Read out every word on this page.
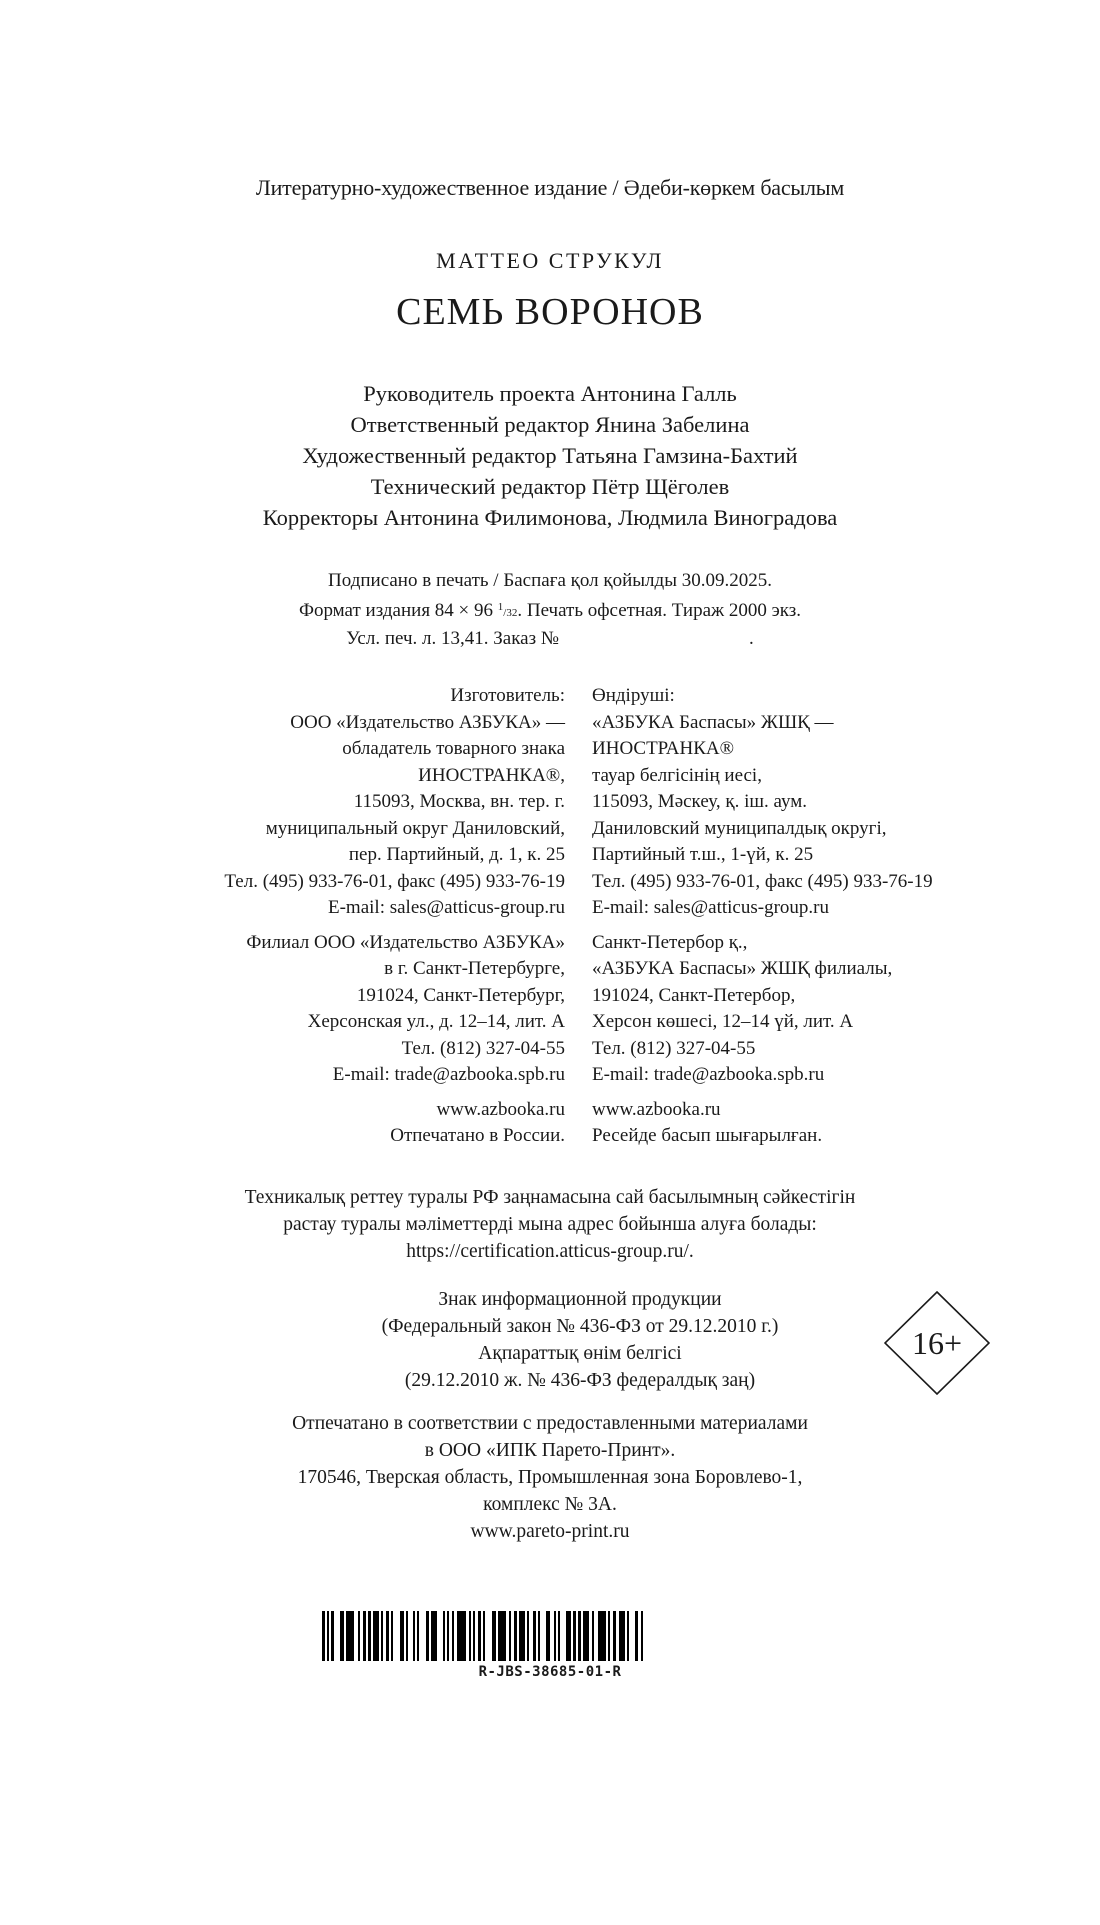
Литературно-художественное издание / Әдеби-көркем басылым
МАТТЕО СТРУКУЛ
СЕМЬ ВОРОНОВ
Руководитель проекта Антонина Галль
Ответственный редактор Янина Забелина
Художественный редактор Татьяна Гамзина-Бахтий
Технический редактор Пётр Щёголев
Корректоры Антонина Филимонова, Людмила Виноградова
Подписано в печать / Баспаға қол қойылды 30.09.2025.
Формат издания 84 × 96 $^1$/32. Печать офсетная. Тираж 2000 экз.
Усл. печ. л. 13,41. Заказ №	.
Изготовитель:
ООО «Издательство АЗБУКА» —
обладатель товарного знака
ИНОСТРАНКА®,
115093, Москва, вн. тер. г.
муниципальный округ Даниловский,
пер. Партийный, д. 1, к. 25
Тел. (495) 933-76-01, факс (495) 933-76-19
E-mail: sales@atticus-group.ru
Филиал ООО «Издательство АЗБУКА»
в г. Санкт-Петербурге,
191024, Санкт-Петербург,
Херсонская ул., д. 12–14, лит. А
Тел. (812) 327-04-55
E-mail: trade@azbooka.spb.ru
www.azbooka.ru
Отпечатано в России.
Өндіруші:
«АЗБУКА Баспасы» ЖШҚ —
ИНОСТРАНКА®
тауар белгісінің иесі,
115093, Мәскеу, қ. іш. аум.
Даниловский муниципалдық округі,
Партийный т.ш., 1-үй, к. 25
Тел. (495) 933-76-01, факс (495) 933-76-19
E-mail: sales@atticus-group.ru
Санкт-Петербор қ.,
«АЗБУКА Баспасы» ЖШҚ филиалы,
191024, Санкт-Петербор,
Херсон көшесі, 12–14 үй, лит. А
Тел. (812) 327-04-55
E-mail: trade@azbooka.spb.ru
www.azbooka.ru
Ресейде басып шығарылған.
Техникалық реттеу туралы РФ заңнамасына сай басылымның сәйкестігін
растау туралы мәліметтерді мына адрес бойынша алуға болады:
https://certification.atticus-group.ru/.
Знак информационной продукции
(Федеральный закон № 436-ФЗ от 29.12.2010 г.)
Ақпараттық өнім белгісі
(29.12.2010 ж. № 436-ФЗ федералдық заң)
16+
Отпечатано в соответствии с предоставленными материалами
в ООО «ИПК Парето-Принт».
170546, Тверская область, Промышленная зона Боровлево-1,
комплекс № 3А.
www.pareto-print.ru
R-JBS-38685-01-R
